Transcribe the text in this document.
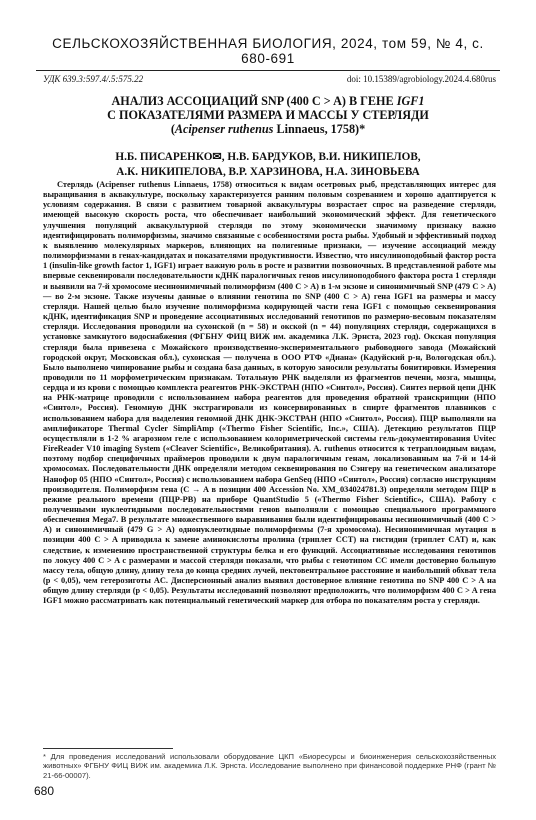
СЕЛЬСКОХОЗЯЙСТВЕННАЯ БИОЛОГИЯ, 2024, том 59, № 4, с. 680-691
УДК 639.3:597.4/.5:575.22	doi: 10.15389/agrobiology.2024.4.680rus
АНАЛИЗ АССОЦИАЦИЙ SNP (400 C > A) В ГЕНЕ IGF1
С ПОКАЗАТЕЛЯМИ РАЗМЕРА И МАССЫ У СТЕРЛЯДИ
(Acipenser ruthenus Linnaeus, 1758)*
Н.Б. ПИСАРЕНКО✉, Н.В. БАРДУКОВ, В.И. НИКИПЕЛОВ,
А.К. НИКИПЕЛОВА, В.Р. ХАРЗИНОВА, Н.А. ЗИНОВЬЕВА

Стерлядь (Acipenser ruthenus Linnaeus, 1758) относиться к видам осетровых рыб, представляющих интерес для выращивания в аквакультуре, поскольку характеризуется ранним половым созреванием и хорошо адаптируется к условиям содержания. В связи с развитием товарной аквакультуры возрастает спрос на разведение стерляди, имеющей высокую скорость роста, что обеспечивает наибольший экономический эффект. Для генетического улучшения популяций аквакультурной стерляди по этому экономически значимому признаку важно идентифицировать полиморфизмы, значимо связанные с особенностями роста рыбы. Удобный и эффективный подход к выявлению молекулярных маркеров, влияющих на полигенные признаки, — изучение ассоциаций между полиморфизмами в генах-кандидатах и показателями продуктивности. Известно, что инсулиноподобный фактор роста 1 (insulin-like growth factor 1, IGF1) играет важную роль в росте и развитии позвоночных. В представленной работе мы впервые секвенировали последовательности кДНК паралогичных генов инсулиноподобного фактора роста 1 стерляди и выявили на 7-й хромосоме несинонимичный полиморфизм (400 C > A) в 1-м экзоне и синонимичный SNP (479 C > A) — во 2-м экзоне. Также изучены данные о влиянии генотипа по SNP (400 C > A) гена IGF1 на размеры и массу стерляди. Нашей целью было изучение полиморфизма кодирующей части гена IGF1 с помощью секвенирования кДНК, идентификация SNP и проведение ассоциативных исследований генотипов по размерно-весовым показателям стерляди. Исследования проводили на сухонской (n = 58) и окской (n = 44) популяциях стерляди, содержащихся в установке замкнутого водоснабжения (ФГБНУ ФИЦ ВИЖ им. академика Л.К. Эрнста, 2023 год). Окская популяция стерляди была привезена с Можайского производственно-экспериментального рыбоводного завода (Можайский городской округ, Московская обл.), сухонская — получена в ООО РТФ «Диана» (Кадуйский р-н, Вологодская обл.). Было выполнено чипирование рыбы и создана база данных, в которую заносили результаты бонитировки. Измерения проводили по 11 морфометрическим признакам. Тотальную РНК выделяли из фрагментов печени, мозга, мышцы, сердца и из крови с помощью комплекта реагентов РНК-ЭКСТРАН (НПО «Синтол», Россия). Синтез первой цепи ДНК на РНК-матрице проводили с использованием набора реагентов для проведения обратной транскрипции (НПО «Синтол», Россия). Геномную ДНК экстрагировали из консервированных в спирте фрагментов плавников с использованием набора для выделения геномной ДНК ДНК-ЭКСТРАН (НПО «Синтол», Россия). ПЦР выполняли на амплификаторе Thermal Cycler SimpliAmp («Thermo Fisher Scientific, Inc.», США). Детекцию результатов ПЦР осуществляли в 1-2 % агарозном геле с использованием колориметрической системы гель-документирования Uvitec FireReader V10 imaging System («Cleaver Scientific», Великобритания). A. ruthenus относится к тетраплоидным видам, поэтому подбор специфичных праймеров проводили к двум паралогичным генам, локализованным на 7-й и 14-й хромосомах. Последовательности ДНК определяли методом секвенирования по Сэнгеру на генетическом анализаторе Нанофор 05 (НПО «Синтол», Россия) с использованием набора GenSeq (НПО «Синтол», Россия) согласно инструкциям производителя. Полиморфизм гена (C → A в позиции 400 Accession No. XM_034024781.3) определяли методом ПЦР в режиме реального времени (ПЦР-РВ) на приборе QuantStudio 5 («Thermo Fisher Scientific», США). Работу с полученными нуклеотидными последовательностями генов выполняли с помощью специального программного обеспечения Mega7. В результате множественного выравнивания были идентифицированы несинонимичный (400 C > A) и синонимичный (479 G > A) однонуклеотидные полиморфизмы (7-я хромосома). Несинонимичная мутация в позиции 400 C > A приводила к замене аминокислоты пролина (триплет CCT) на гистидин (триплет CAT) и, как следствие, к изменению пространственной структуры белка и его функций. Ассоциативные исследования генотипов по локусу 400 C > A с размерами и массой стерляди показали, что рыбы с генотипом CC имели достоверно большую массу тела, общую длину, длину тела до конца средних лучей, пектовентральное расстояние и наибольший обхват тела (p < 0,05), чем гетерозиготы AC. Дисперсионный анализ выявил достоверное влияние генотипа по SNP 400 C > A на общую длину стерляди (p < 0,05). Результаты исследований позволяют предположить, что полиморфизм 400 C > A гена IGF1 можно рассматривать как потенциальный генетический маркер для отбора по показателям роста у стерляди.

* Для проведения исследований использовали оборудование ЦКП «Биоресурсы и биоинженерия сельскохозяйственных животных» ФГБНУ ФИЦ ВИЖ им. академика Л.К. Эрнста. Исследование выполнено при финансовой поддержке РНФ (грант № 21-66-00007).
680
